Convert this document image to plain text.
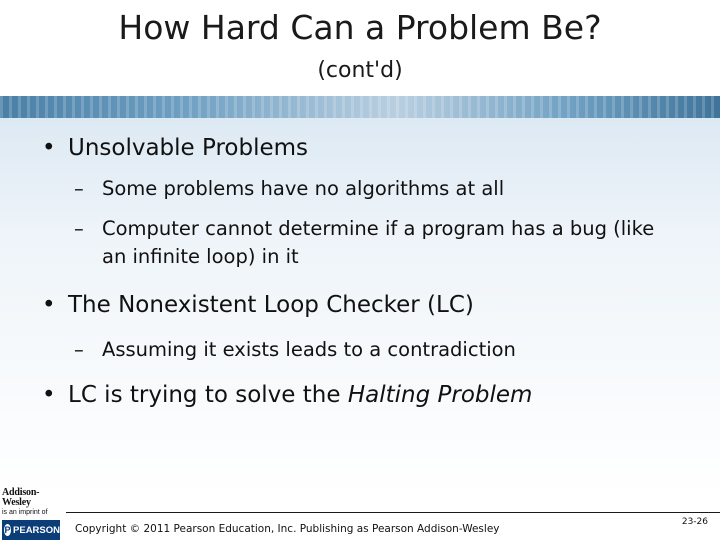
How Hard Can a Problem Be?
(cont'd)
• Unsolvable Problems
– Some problems have no algorithms at all
– Computer cannot determine if a program has a bug (like an infinite loop) in it
• The Nonexistent Loop Checker (LC)
– Assuming it exists leads to a contradiction
• LC is trying to solve the Halting Problem
Addison-Wesley
is an imprint of
P PEARSON Copyright © 2011 Pearson Education, Inc. Publishing as Pearson Addison-Wesley
23-26
